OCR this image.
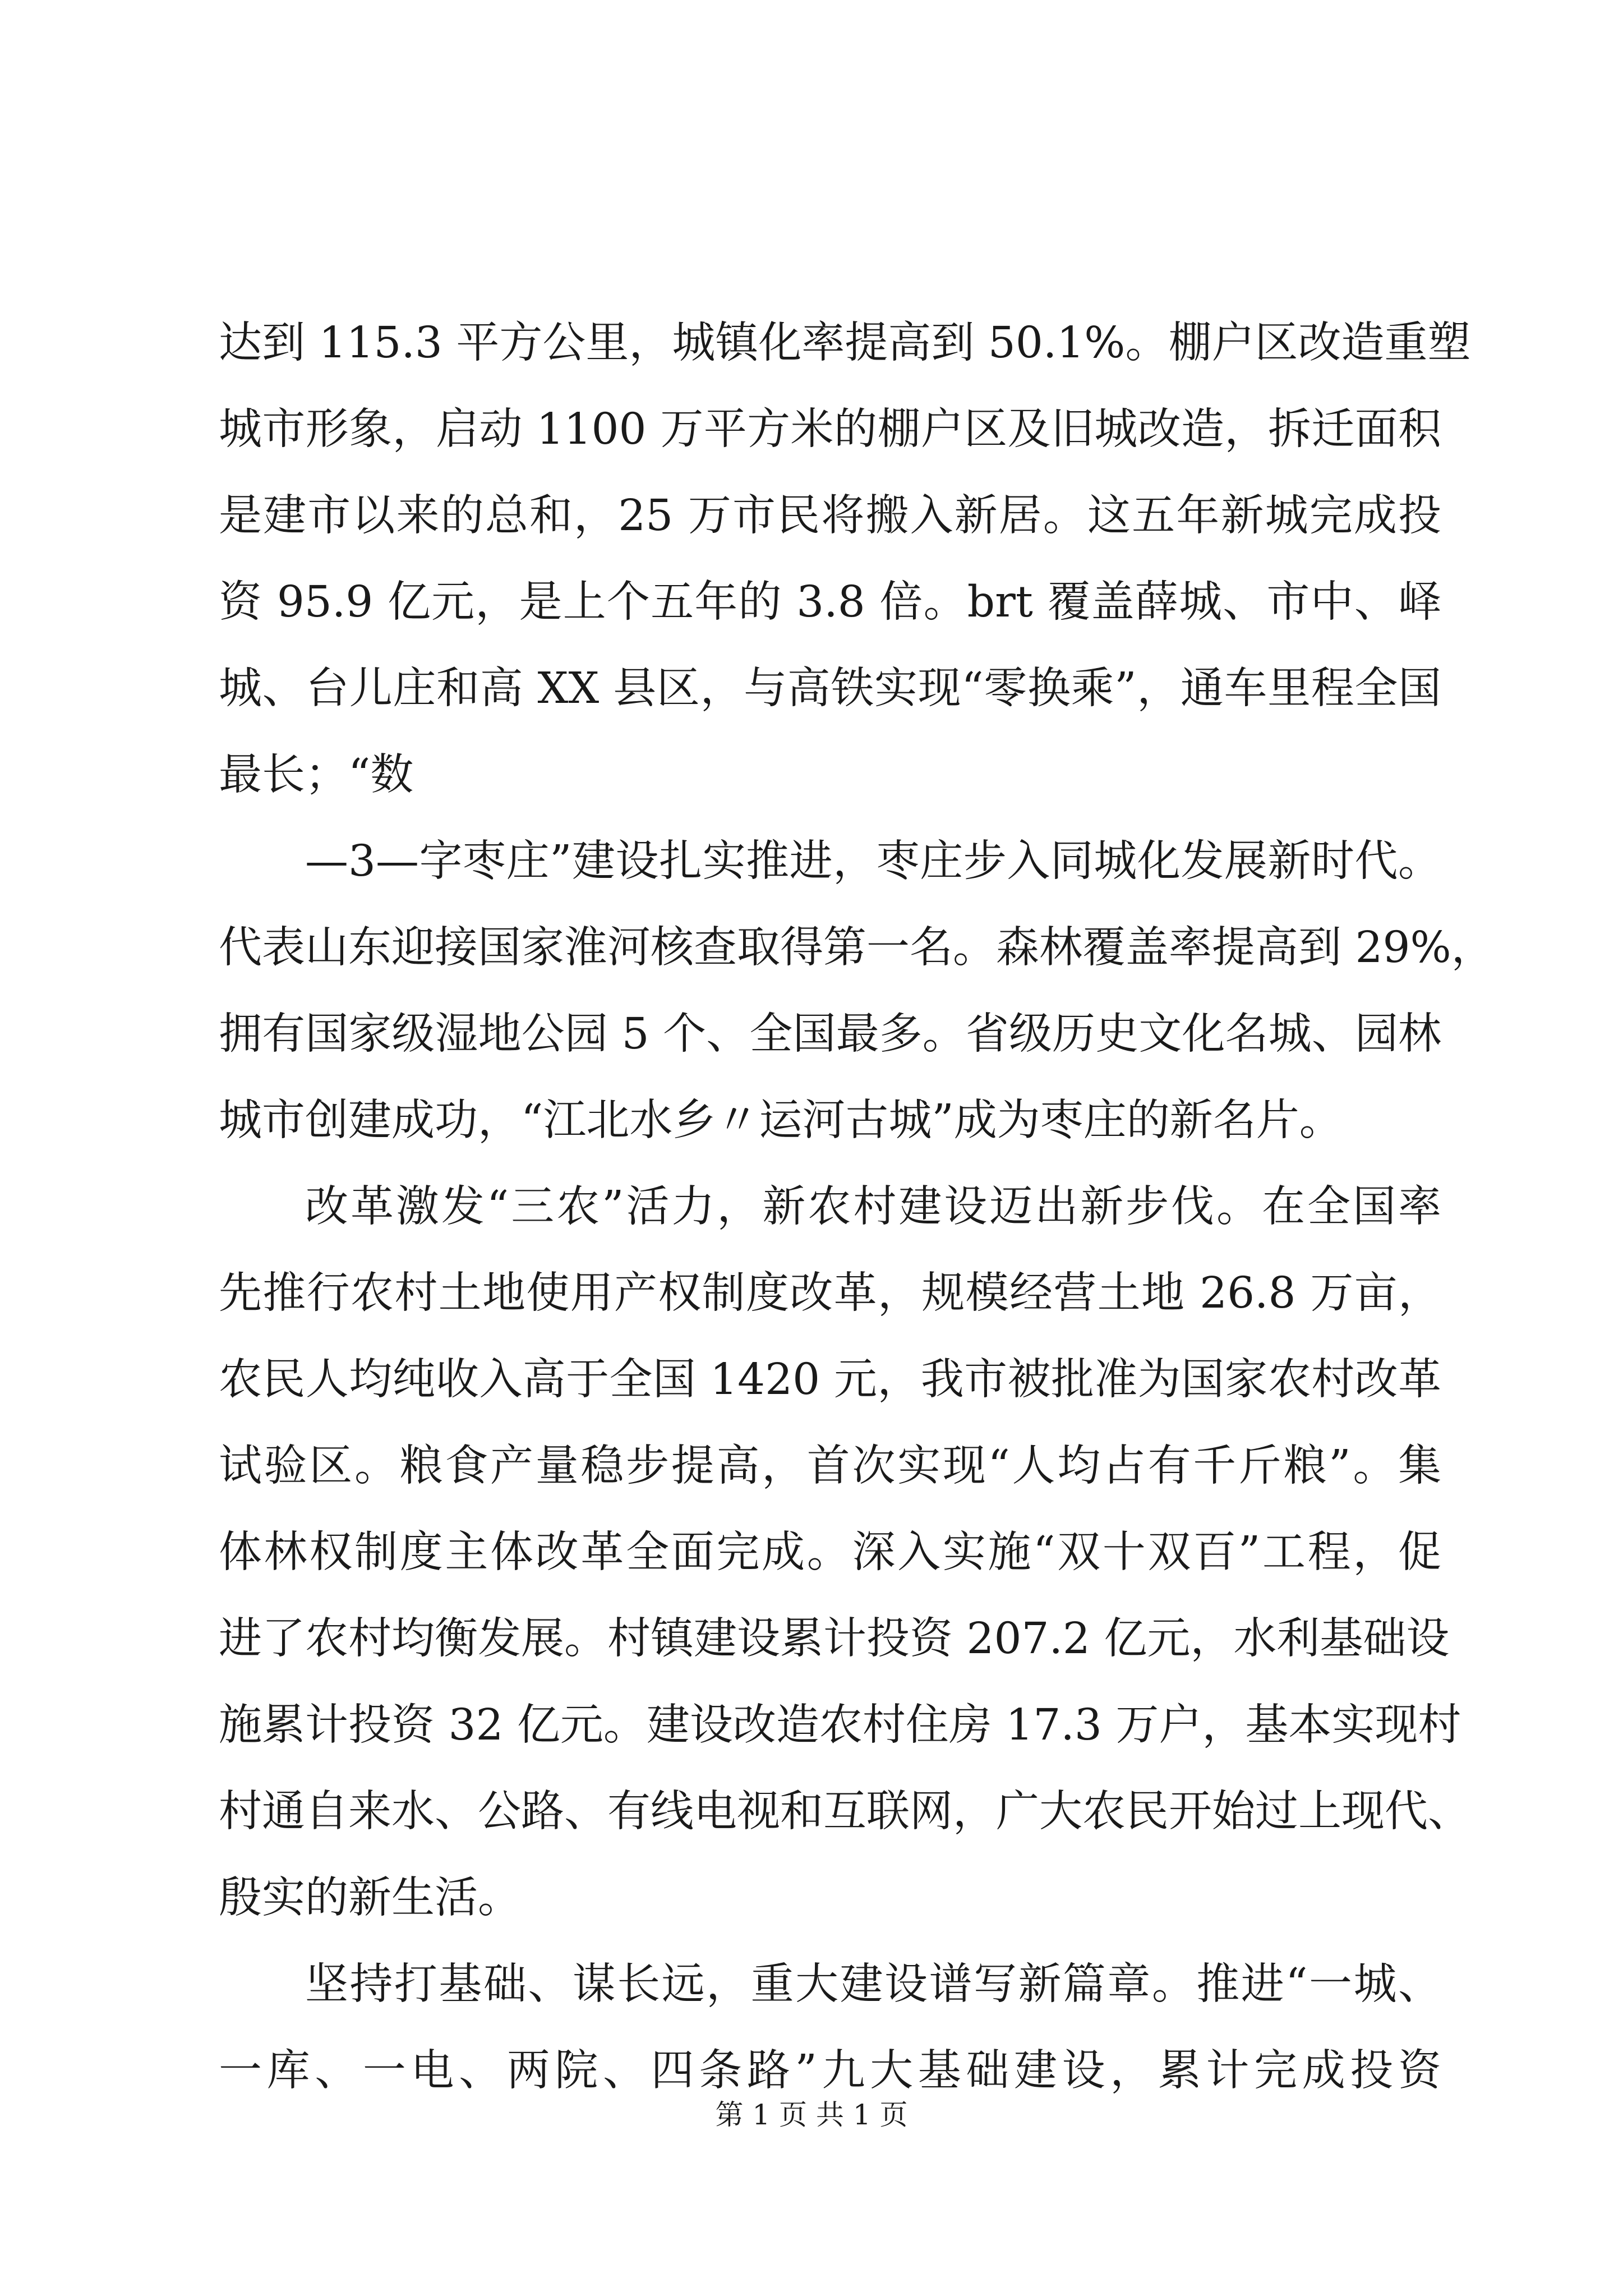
达到 115.3 平方公里，城镇化率提高到 50.1%。棚户区改造重塑
城市形象，启动 1100 万平方米的棚户区及旧城改造，拆迁面积
是建市以来的总和，25 万市民将搬入新居。这五年新城完成投
资 95.9 亿元，是上个五年的 3.8 倍。brt 覆盖薛城、市中、峄
城、台儿庄和高 XX 县区，与高铁实现“零换乘”，通车里程全国
最长；“数
—3—字枣庄”建设扎实推进，枣庄步入同城化发展新时代。
代表山东迎接国家淮河核查取得第一名。森林覆盖率提高到 29%，
拥有国家级湿地公园 5 个、全国最多。省级历史文化名城、园林
城市创建成功，“江北水乡〃运河古城”成为枣庄的新名片。
改革激发“三农”活力，新农村建设迈出新步伐。在全国率
先推行农村土地使用产权制度改革，规模经营土地 26.8 万亩，
农民人均纯收入高于全国 1420 元，我市被批准为国家农村改革
试验区。粮食产量稳步提高，首次实现“人均占有千斤粮”。集
体林权制度主体改革全面完成。深入实施“双十双百”工程，促
进了农村均衡发展。村镇建设累计投资 207.2 亿元，水利基础设
施累计投资 32 亿元。建设改造农村住房 17.3 万户，基本实现村
村通自来水、公路、有线电视和互联网，广大农民开始过上现代、
殷实的新生活。
坚持打基础、谋长远，重大建设谱写新篇章。推进“一城、
一库、一电、两院、四条路”九大基础建设，累计完成投资
第 1 页 共 1 页
